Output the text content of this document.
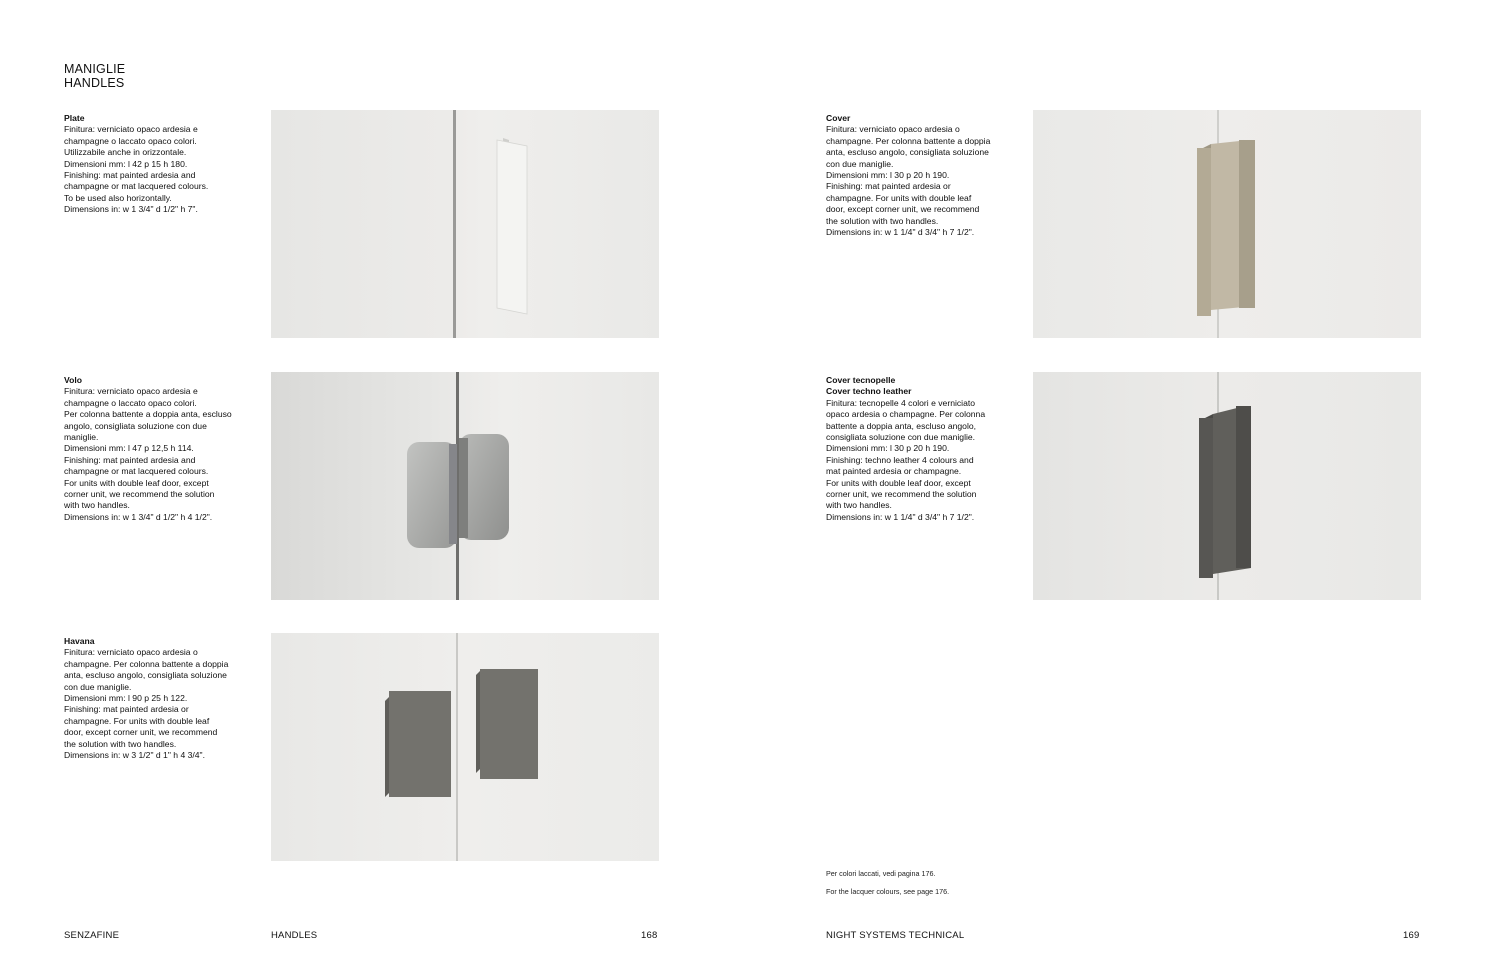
MANIGLIE
HANDLES
Plate
Finitura: verniciato opaco ardesia e
champagne o laccato opaco colori.
Utilizzabile anche in orizzontale.
Dimensioni mm: l 42 p 15 h 180.
Finishing: mat painted ardesia and
champagne or mat lacquered colours.
To be used also horizontally.
Dimensions in: w 1 3/4" d 1/2" h 7".
Volo
Finitura: verniciato opaco ardesia e
champagne o laccato opaco colori.
Per colonna battente a doppia anta, escluso
angolo, consigliata soluzione con due
maniglie.
Dimensioni mm: l 47 p 12,5 h 114.
Finishing: mat painted ardesia and
champagne or mat lacquered colours.
For units with double leaf door, except
corner unit, we recommend the solution
with two handles.
Dimensions in: w 1 3/4" d 1/2" h 4 1/2".
Havana
Finitura: verniciato opaco ardesia o
champagne. Per colonna battente a doppia
anta, escluso angolo, consigliata soluzione
con due maniglie.
Dimensioni mm: l 90 p 25 h 122.
Finishing: mat painted ardesia or
champagne. For units with double leaf
door, except corner unit, we recommend
the solution with two handles.
Dimensions in: w 3 1/2" d 1" h 4 3/4".
Cover
Finitura: verniciato opaco ardesia o
champagne. Per colonna battente a doppia
anta, escluso angolo, consigliata soluzione
con due maniglie.
Dimensioni mm: l 30 p 20 h 190.
Finishing: mat painted ardesia or
champagne. For units with double leaf
door, except corner unit, we recommend
the solution with two handles.
Dimensions in: w 1 1/4" d 3/4" h 7 1/2".
Cover tecnopelle
Cover techno leather
Finitura: tecnopelle 4 colori e verniciato
opaco ardesia o champagne. Per colonna
battente a doppia anta, escluso angolo,
consigliata soluzione con due maniglie.
Dimensioni mm: l 30 p 20 h 190.
Finishing: techno leather 4 colours and
mat painted ardesia or champagne.
For units with double leaf door, except
corner unit, we recommend the solution
with two handles.
Dimensions in: w 1 1/4" d 3/4" h 7 1/2".
Per colori laccati, vedi pagina 176.
For the lacquer colours, see page 176.
SENZAFINE	HANDLES	168	NIGHT SYSTEMS TECHNICAL	169
